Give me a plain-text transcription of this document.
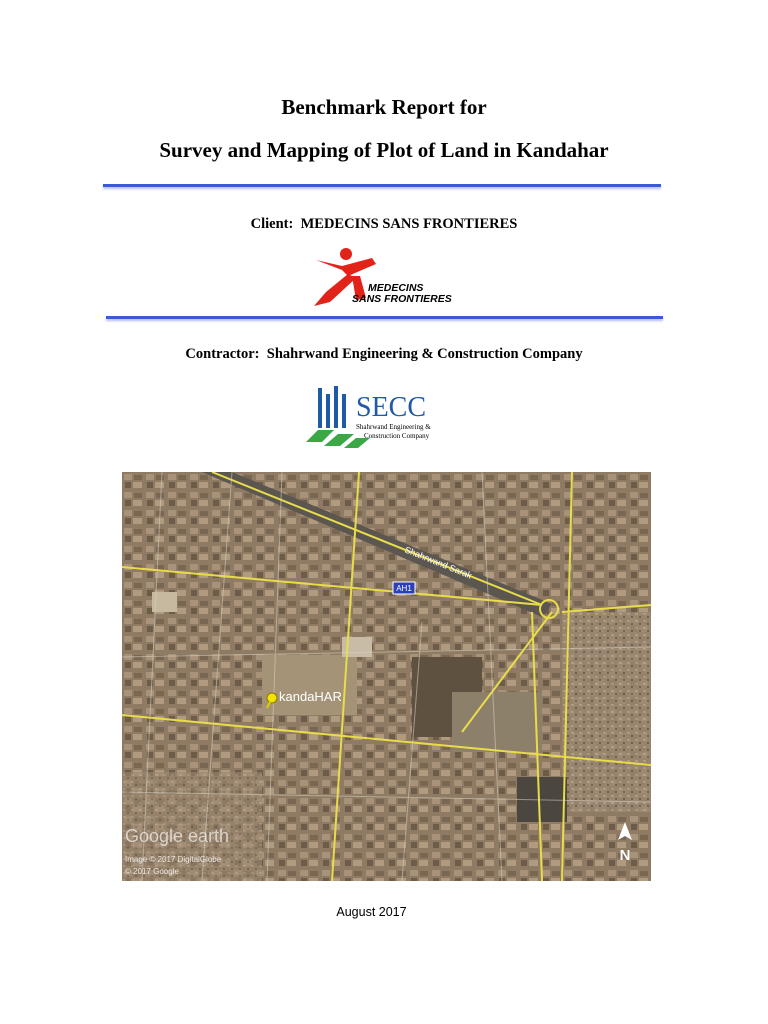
Benchmark Report for
Survey and Mapping of Plot of Land in Kandahar
Client: MEDECINS SANS FRONTIERES
MEDECINS
SANS FRONTIERES
Contractor: Shahrwand Engineering & Construction Company
SECC
Shahrwand Engineering &
Construction Company
Shahrwand Sarak
AH1
kandaHAR
Google earth
Image © 2017 DigitalGlobe
© 2017 Google
N
August 2017
